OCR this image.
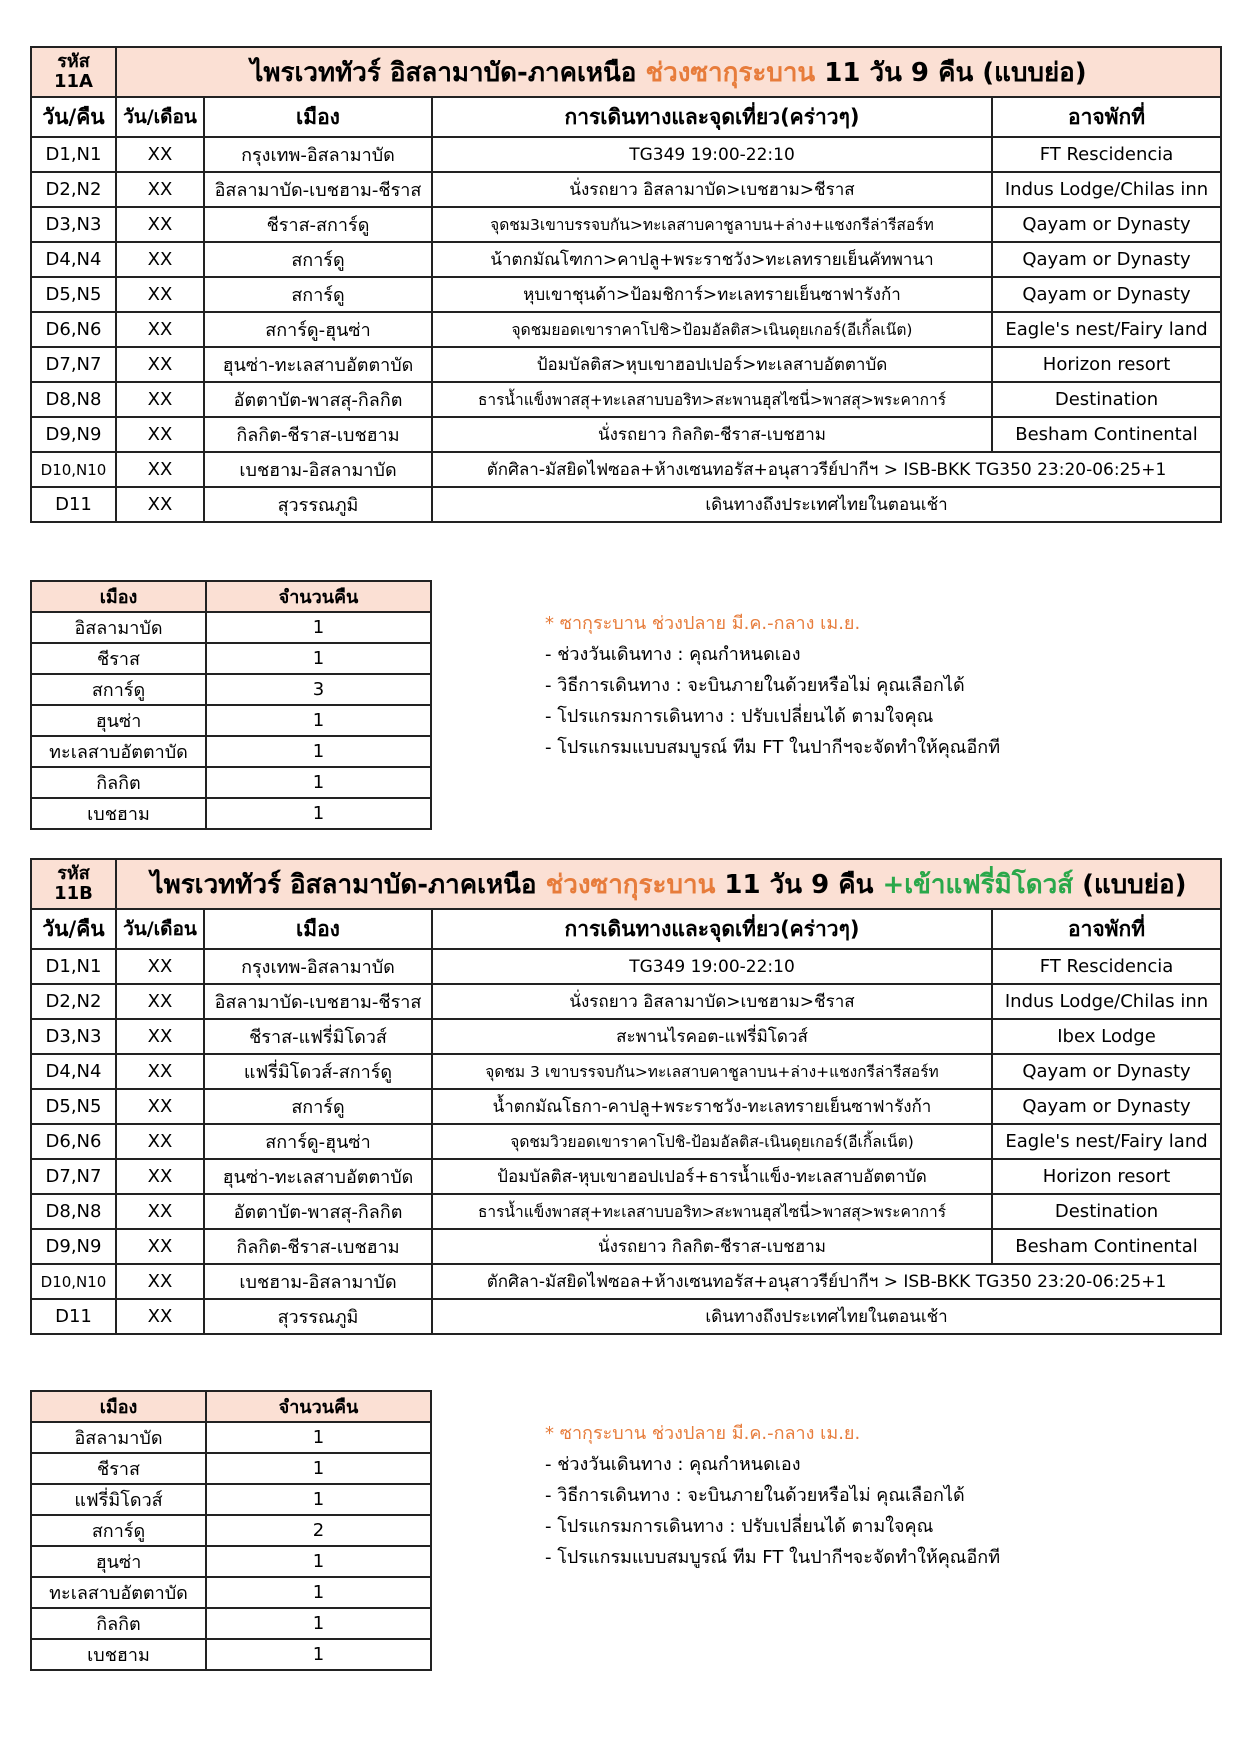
รหัส
11A	ไพรเวททัวร์ อิสลามาบัด-ภาคเหนือ ช่วงซากุระบาน 11 วัน 9 คืน (แบบย่อ)			
วัน/คืน	วัน/เดือน	เมือง	การเดินทางและจุดเที่ยว(คร่าวๆ)	อาจพักที่
D1,N1	XX	กรุงเทพ-อิสลามาบัด	TG349 19:00-22:10	FT Rescidencia
D2,N2	XX	อิสลามาบัด-เบชฮาม-ชีราส	นั่งรถยาว อิสลามาบัด>เบชฮาม>ชีราส	Indus Lodge/Chilas inn
D3,N3	XX	ชีราส-สการ์ดู	จุดชม3เขาบรรจบกัน>ทะเลสาบคาชูลาบน+ล่าง+แชงกรีล่ารีสอร์ท	Qayam or Dynasty
D4,N4	XX	สการ์ดู	น้าตกมัณโฑกา>คาปลู+พระราชวัง>ทะเลทรายเย็นคัทพานา	Qayam or Dynasty
D5,N5	XX	สการ์ดู	หุบเขาชุนด้า>ป้อมชิการ์>ทะเลทรายเย็นซาฟารังก้า	Qayam or Dynasty
D6,N6	XX	สการ์ดู-ฮุนซ่า	จุดชมยอดเขาราคาโปชิ>ป้อมอัลติส>เนินดุยเกอร์(อีเกิ้ลเน๊ต)	Eagle's nest/Fairy land
D7,N7	XX	ฮุนซ่า-ทะเลสาบอัตตาบัด	ป้อมบัลติส>หุบเขาฮอปเปอร์>ทะเลสาบอัตตาบัด	Horizon resort
D8,N8	XX	อัตตาบัต-พาสสุ-กิลกิต	ธารน้ำแข็งพาสสุ+ทะเลสาบบอริท>สะพานฮุสไซนี่>พาสสุ>พระคาการ์	Destination
D9,N9	XX	กิลกิต-ชีราส-เบชฮาม	นั่งรถยาว กิลกิต-ชีราส-เบชฮาม	Besham Continental
D10,N10	XX	เบชฮาม-อิสลามาบัด	ตักศิลา-มัสยิดไฟซอล+ห้างเซนทอรัส+อนุสาวรีย์ปากีฯ > ISB-BKK TG350 23:20-06:25+1	
D11	XX	สุวรรณภูมิ	เดินทางถึงประเทศไทยในตอนเช้า	
เมือง	จำนวนคืน
อิสลามาบัด	1
ชีราส	1
สการ์ดู	3
ฮุนซ่า	1
ทะเลสาบอัตตาบัด	1
กิลกิต	1
เบชฮาม	1
* ซากุระบาน ช่วงปลาย มี.ค.-กลาง เม.ย.
- ช่วงวันเดินทาง : คุณกำหนดเอง
- วิธีการเดินทาง : จะบินภายในด้วยหรือไม่ คุณเลือกได้
- โปรแกรมการเดินทาง : ปรับเปลี่ยนได้ ตามใจคุณ
- โปรแกรมแบบสมบูรณ์ ทีม FT ในปากีฯจะจัดทำให้คุณอีกที
รหัส
11B	ไพรเวททัวร์ อิสลามาบัด-ภาคเหนือ ช่วงซากุระบาน 11 วัน 9 คืน +เข้าแฟรี่มิโดวส์ (แบบย่อ)			
วัน/คืน	วัน/เดือน	เมือง	การเดินทางและจุดเที่ยว(คร่าวๆ)	อาจพักที่
D1,N1	XX	กรุงเทพ-อิสลามาบัด	TG349 19:00-22:10	FT Rescidencia
D2,N2	XX	อิสลามาบัด-เบชฮาม-ชีราส	นั่งรถยาว อิสลามาบัด>เบชฮาม>ชีราส	Indus Lodge/Chilas inn
D3,N3	XX	ชีราส-แฟรี่มิโดวส์	สะพานไรคอต-แฟรี่มิโดวส์	Ibex Lodge
D4,N4	XX	แฟรี่มิโดวส์-สการ์ดู	จุดชม 3 เขาบรรจบกัน>ทะเลสาบคาชูลาบน+ล่าง+แชงกรีล่ารีสอร์ท	Qayam or Dynasty
D5,N5	XX	สการ์ดู	น้ำตกมัณโธกา-คาปลู+พระราชวัง-ทะเลทรายเย็นซาฟารังก้า	Qayam or Dynasty
D6,N6	XX	สการ์ดู-ฮุนซ่า	จุดชมวิวยอดเขาราคาโปชิ-ป้อมอัลติส-เนินดุยเกอร์(อีเกิ้ลเน็ต)	Eagle's nest/Fairy land
D7,N7	XX	ฮุนซ่า-ทะเลสาบอัตตาบัด	ป้อมบัลติส-หุบเขาฮอปเปอร์+ธารน้ำแข็ง-ทะเลสาบอัตตาบัด	Horizon resort
D8,N8	XX	อัตตาบัต-พาสสุ-กิลกิต	ธารน้ำแข็งพาสสุ+ทะเลสาบบอริท>สะพานฮุสไซนี่>พาสสุ>พระคาการ์	Destination
D9,N9	XX	กิลกิต-ชีราส-เบชฮาม	นั่งรถยาว กิลกิต-ชีราส-เบชฮาม	Besham Continental
D10,N10	XX	เบชฮาม-อิสลามาบัด	ตักศิลา-มัสยิดไฟซอล+ห้างเซนทอรัส+อนุสาวรีย์ปากีฯ > ISB-BKK TG350 23:20-06:25+1	
D11	XX	สุวรรณภูมิ	เดินทางถึงประเทศไทยในตอนเช้า	
เมือง	จำนวนคืน
อิสลามาบัด	1
ชีราส	1
แฟรี่มิโดวส์	1
สการ์ดู	2
ฮุนซ่า	1
ทะเลสาบอัตตาบัด	1
กิลกิต	1
เบชฮาม	1
* ซากุระบาน ช่วงปลาย มี.ค.-กลาง เม.ย.
- ช่วงวันเดินทาง : คุณกำหนดเอง
- วิธีการเดินทาง : จะบินภายในด้วยหรือไม่ คุณเลือกได้
- โปรแกรมการเดินทาง : ปรับเปลี่ยนได้ ตามใจคุณ
- โปรแกรมแบบสมบูรณ์ ทีม FT ในปากีฯจะจัดทำให้คุณอีกที
